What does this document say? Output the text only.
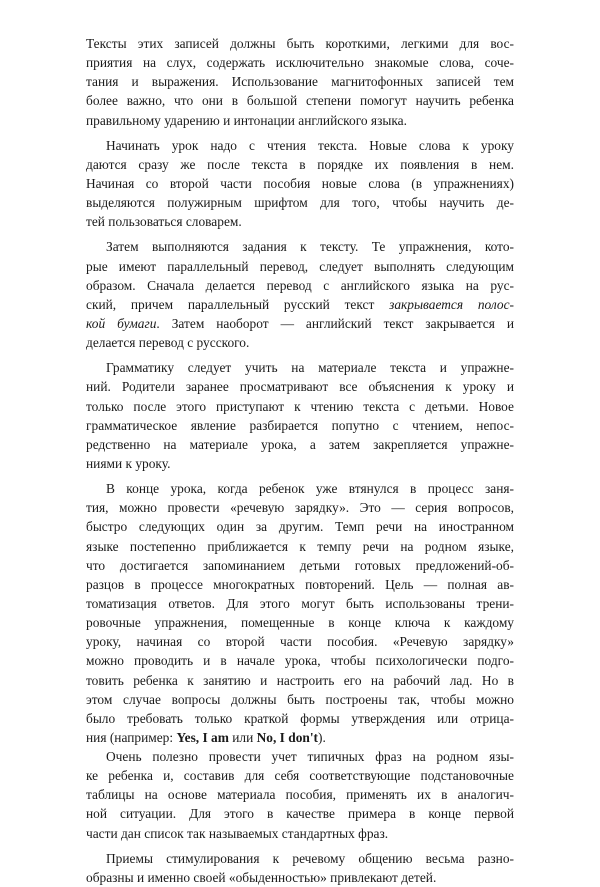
Тексты этих записей должны быть короткими, легкими для вос-
приятия на слух, содержать исключительно знакомые слова, соче-
тания и выражения. Использование магнитофонных записей тем
более важно, что они в большой степени помогут научить ребенка
правильному ударению и интонации английского языка.
Начинать урок надо с чтения текста. Новые слова к уроку
даются сразу же после текста в порядке их появления в нем.
Начиная со второй части пособия новые слова (в упражнениях)
выделяются полужирным шрифтом для того, чтобы научить де-
тей пользоваться словарем.
Затем выполняются задания к тексту. Те упражнения, кото-
рые имеют параллельный перевод, следует выполнять следующим
образом. Сначала делается перевод с английского языка на рус-
ский, причем параллельный русский текст закрывается полос-
кой бумаги. Затем наоборот — английский текст закрывается и
делается перевод с русского.
Грамматику следует учить на материале текста и упражне-
ний. Родители заранее просматривают все объяснения к уроку и
только после этого приступают к чтению текста с детьми. Новое
грамматическое явление разбирается попутно с чтением, непос-
редственно на материале урока, а затем закрепляется упражне-
ниями к уроку.
В конце урока, когда ребенок уже втянулся в процесс заня-
тия, можно провести «речевую зарядку». Это — серия вопросов,
быстро следующих один за другим. Темп речи на иностранном
языке постепенно приближается к темпу речи на родном языке,
что достигается запоминанием детьми готовых предложений-об-
разцов в процессе многократных повторений. Цель — полная ав-
томатизация ответов. Для этого могут быть использованы трени-
ровочные упражнения, помещенные в конце ключа к каждому
уроку, начиная со второй части пособия. «Речевую зарядку»
можно проводить и в начале урока, чтобы психологически подго-
товить ребенка к занятию и настроить его на рабочий лад. Но в
этом случае вопросы должны быть построены так, чтобы можно
было требовать только краткой формы утверждения или отрица-
ния (например: Yes, I am или No, I don't).
Очень полезно провести учет типичных фраз на родном язы-
ке ребенка и, составив для себя соответствующие подстановочные
таблицы на основе материала пособия, применять их в аналогич-
ной ситуации. Для этого в качестве примера в конце первой
части дан список так называемых стандартных фраз.
Приемы стимулирования к речевому общению весьма разно-
образны и именно своей «обыденностью» привлекают детей.
